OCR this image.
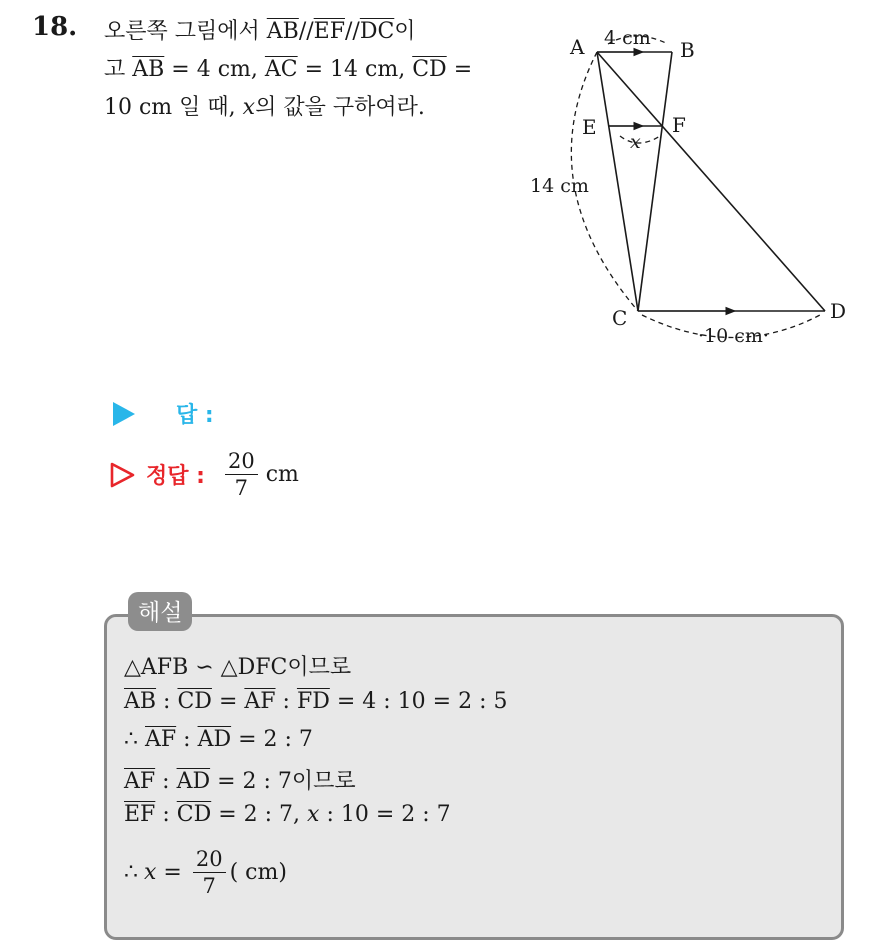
18. 오른쪽 그림에서 $\overline{AB}//\overline{EF}//\overline{DC}$이
고 $\overline{AB} = 4$ cm, $\overline{AC} = 14$ cm, $\overline{CD}$ =
10 cm 일 때, x의 값을 구하여라.
A	B
E	F
C	D
4 cm
14 cm
·10 cm·
x
답 :
정답 : $\frac{20}{7}$ cm
해설
△AFB ∽ △DFC이므로
$\overline{AB}$ : $\overline{CD} = \overline{AF}$ : $\overline{FD} = 4$ : 10 = 2 : 5
∴ $\overline{AF}$ : $\overline{AD} = 2$ : 7
$\overline{AF}$ : $\overline{AD} = 2$ : 7이므로
$\overline{EF}$ : $\overline{CD} = 2$ : 7, x : 10 = 2 : 7
∴ $x = \frac{20}{7}$ ( cm)
